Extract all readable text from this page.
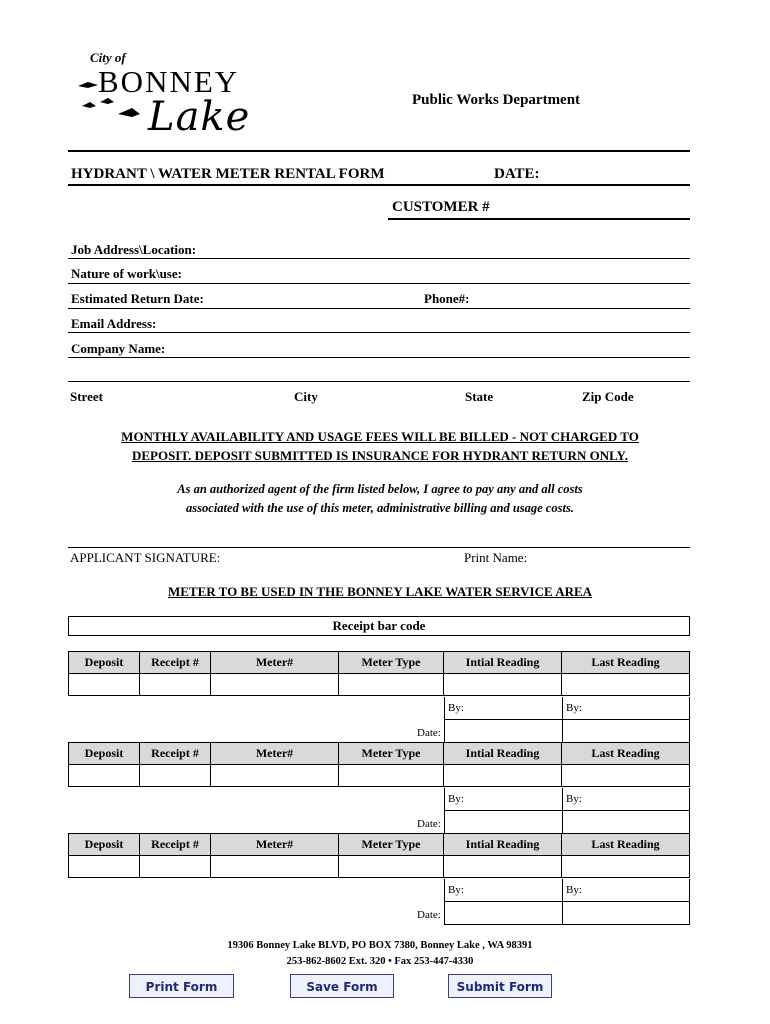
City of
BONNEY
Lake	Public Works Department
HYDRANT \ WATER METER RENTAL FORM	DATE:
CUSTOMER #
Job Address\Location:
Nature of work\use:
Estimated Return Date:	Phone#:
Email Address:
Company Name:
Street	City	State	Zip Code
MONTHLY AVAILABILITY AND USAGE FEES WILL BE BILLED - NOT CHARGED TO
DEPOSIT. DEPOSIT SUBMITTED IS INSURANCE FOR HYDRANT RETURN ONLY.
As an authorized agent of the firm listed below, I agree to pay any and all costs
associated with the use of this meter, administrative billing and usage costs.
APPLICANT SIGNATURE:	Print Name:
METER TO BE USED IN THE BONNEY LAKE WATER SERVICE AREA
Receipt bar code
Deposit	Receipt #	Meter#	Meter Type	Intial Reading	Last Reading

By:	By:
Date:
Deposit	Receipt #	Meter#	Meter Type	Intial Reading	Last Reading

By:	By:
Date:
Deposit	Receipt #	Meter#	Meter Type	Intial Reading	Last Reading

By:	By:
Date:
19306 Bonney Lake BLVD, PO BOX 7380, Bonney Lake , WA 98391
253-862-8602 Ext. 320 • Fax 253-447-4330
Print Form	Save Form	Submit Form
